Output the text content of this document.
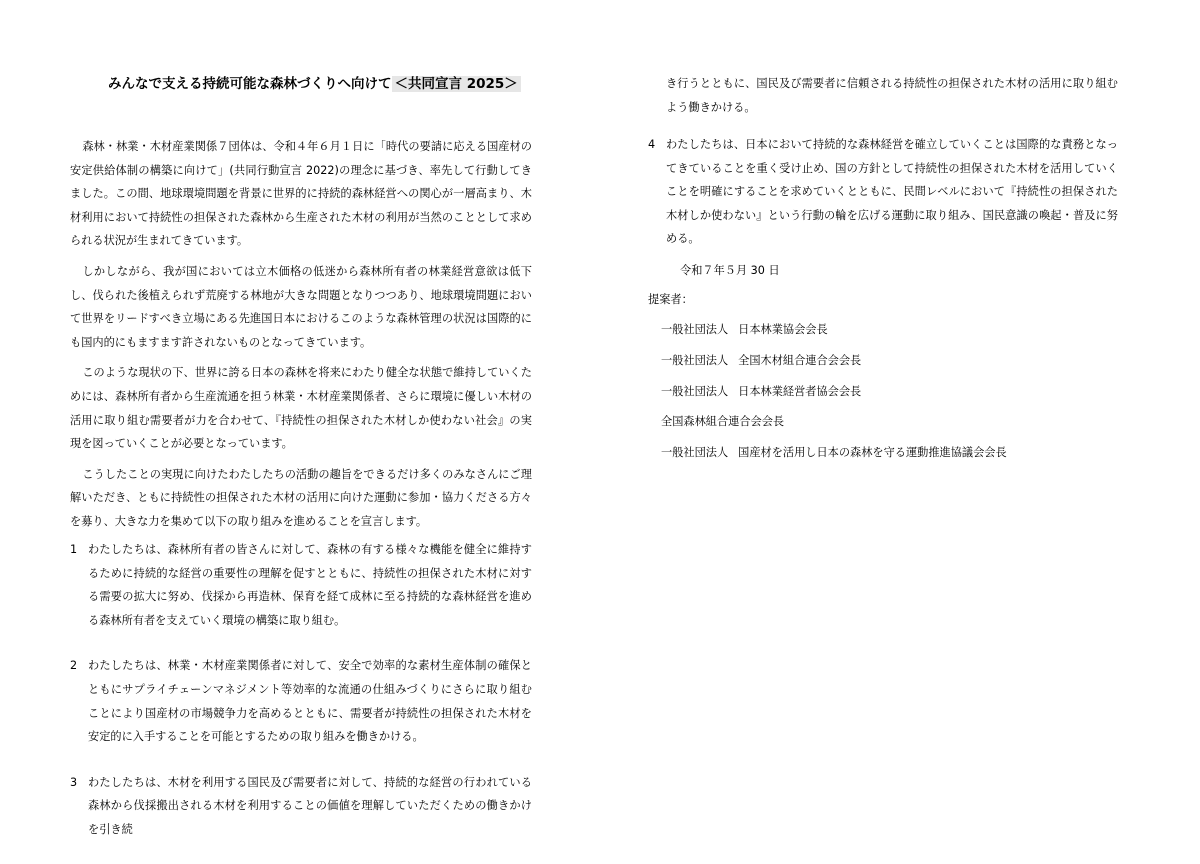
みんなで支える持続可能な森林づくりへ向けて ＜共同宣言 2025＞

森林・林業・木材産業関係７団体は、令和４年６月１日に「時代の要請に応える国産材の安定供給体制の構築に向けて」(共同行動宣言 2022)の理念に基づき、率先して行動してきました。この間、地球環境問題を背景に世界的に持続的森林経営への関心が一層高まり、木材利用において持続性の担保された森林から生産された木材の利用が当然のこととして求められる状況が生まれてきています。

しかしながら、我が国においては立木価格の低迷から森林所有者の林業経営意欲は低下し、伐られた後植えられず荒廃する林地が大きな問題となりつつあり、地球環境問題において世界をリードすべき立場にある先進国日本におけるこのような森林管理の状況は国際的にも国内的にもますます許されないものとなってきています。

このような現状の下、世界に誇る日本の森林を将来にわたり健全な状態で維持していくためには、森林所有者から生産流通を担う林業・木材産業関係者、さらに環境に優しい木材の活用に取り組む需要者が力を合わせて、『持続性の担保された木材しか使わない社会』の実現を図っていくことが必要となっています。

こうしたことの実現に向けたわたしたちの活動の趣旨をできるだけ多くのみなさんにご理解いただき、ともに持続性の担保された木材の活用に向けた運動に参加・協力くださる方々を募り、大きな力を集めて以下の取り組みを進めることを宣言します。

1 わたしたちは、森林所有者の皆さんに対して、森林の有する様々な機能を健全に維持するために持続的な経営の重要性の理解を促すとともに、持続性の担保された木材に対する需要の拡大に努め、伐採から再造林、保育を経て成林に至る持続的な森林経営を進める森林所有者を支えていく環境の構築に取り組む。
2 わたしたちは、林業・木材産業関係者に対して、安全で効率的な素材生産体制の確保とともにサプライチェーンマネジメント等効率的な流通の仕組みづくりにさらに取り組むことにより国産材の市場競争力を高めるとともに、需要者が持続性の担保された木材を安定的に入手することを可能とするための取り組みを働きかける。
3 わたしたちは、木材を利用する国民及び需要者に対して、持続的な経営の行われている森林から伐採搬出される木材を利用することの価値を理解していただくための働きかけを引き続
き行うとともに、国民及び需要者に信頼される持続性の担保された木材の活用に取り組むよう働きかける。
4 わたしたちは、日本において持続的な森林経営を確立していくことは国際的な責務となってきていることを重く受け止め、国の方針として持続性の担保された木材を活用していくことを明確にすることを求めていくとともに、民間レベルにおいて『持続性の担保された木材しか使わない』という行動の輪を広げる運動に取り組み、国民意識の喚起・普及に努める。
令和７年５月 30 日
提案者：
一般社団法人 日本林業協会会長
一般社団法人 全国木材組合連合会会長
一般社団法人 日本林業経営者協会会長
全国森林組合連合会会長
一般社団法人 国産材を活用し日本の森林を守る運動推進協議会会長
